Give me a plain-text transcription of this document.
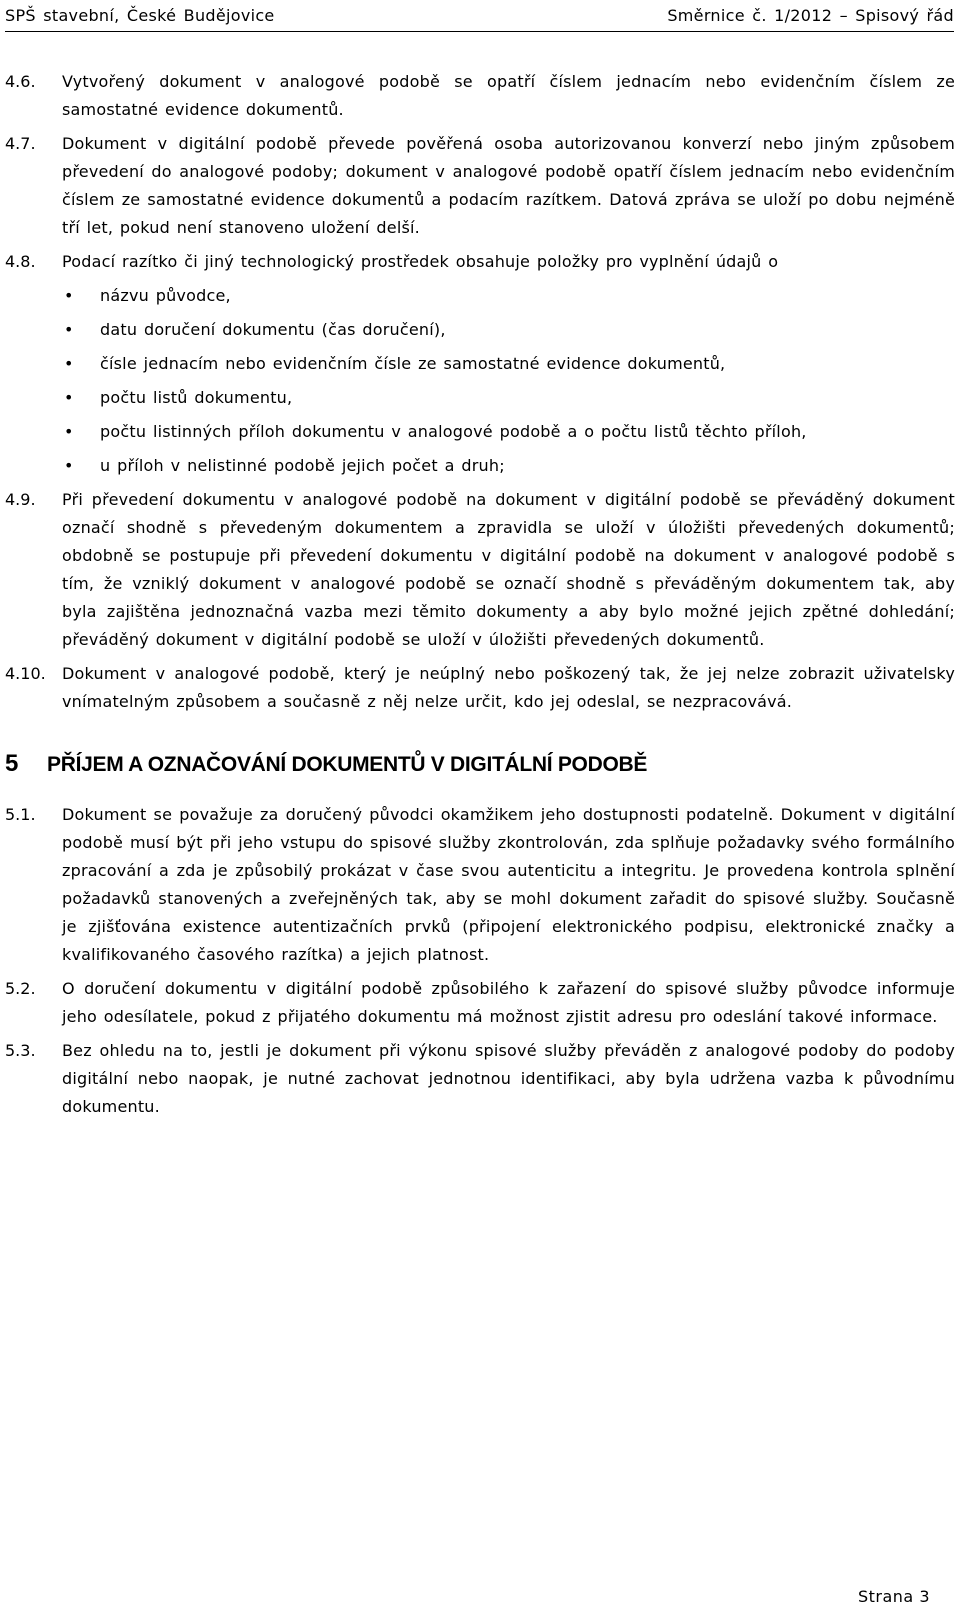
SPŠ stavební, České Budějovice	Směrnice č. 1/2012 – Spisový řád
4.6.	Vytvořený dokument v analogové podobě se opatří číslem jednacím nebo evidenčním číslem ze samostatné evidence dokumentů.
4.7.	Dokument v digitální podobě převede pověřená osoba autorizovanou konverzí nebo jiným způsobem převedení do analogové podoby; dokument v analogové podobě opatří číslem jednacím nebo evidenčním číslem ze samostatné evidence dokumentů a podacím razítkem. Datová zpráva se uloží po dobu nejméně tří let, pokud není stanoveno uložení delší.
4.8.	Podací razítko či jiný technologický prostředek obsahuje položky pro vyplnění údajů o
•	názvu původce,
•	datu doručení dokumentu (čas doručení),
•	čísle jednacím nebo evidenčním čísle ze samostatné evidence dokumentů,
•	počtu listů dokumentu,
•	počtu listinných příloh dokumentu v analogové podobě a o počtu listů těchto příloh,
•	u příloh v nelistinné podobě jejich počet a druh;
4.9.	Při převedení dokumentu v analogové podobě na dokument v digitální podobě se převáděný dokument označí shodně s převedeným dokumentem a zpravidla se uloží v úložišti převedených dokumentů; obdobně se postupuje při převedení dokumentu v digitální podobě na dokument v analogové podobě s tím, že vzniklý dokument v analogové podobě se označí shodně s převáděným dokumentem tak, aby byla zajištěna jednoznačná vazba mezi těmito dokumenty a aby bylo možné jejich zpětné dohledání; převáděný dokument v digitální podobě se uloží v úložišti převedených dokumentů.
4.10.	Dokument v analogové podobě, který je neúplný nebo poškozený tak, že jej nelze zobrazit uživatelsky vnímatelným způsobem a současně z něj nelze určit, kdo jej odeslal, se nezpracovává.
5	PŘÍJEM A OZNAČOVÁNÍ DOKUMENTŮ V DIGITÁLNÍ PODOBĚ
5.1.	Dokument se považuje za doručený původci okamžikem jeho dostupnosti podatelně. Dokument v digitální podobě musí být při jeho vstupu do spisové služby zkontrolován, zda splňuje požadavky svého formálního zpracování a zda je způsobilý prokázat v čase svou autenticitu a integritu. Je provedena kontrola splnění požadavků stanovených a zveřejněných tak, aby se mohl dokument zařadit do spisové služby. Současně je zjišťována existence autentizačních prvků (připojení elektronického podpisu, elektronické značky a kvalifikovaného časového razítka) a jejich platnost.
5.2.	O doručení dokumentu v digitální podobě způsobilého k zařazení do spisové služby původce informuje jeho odesílatele, pokud z přijatého dokumentu má možnost zjistit adresu pro odeslání takové informace.
5.3.	Bez ohledu na to, jestli je dokument při výkonu spisové služby převáděn z analogové podoby do podoby digitální nebo naopak, je nutné zachovat jednotnou identifikaci, aby byla udržena vazba k původnímu dokumentu.
Strana 3
